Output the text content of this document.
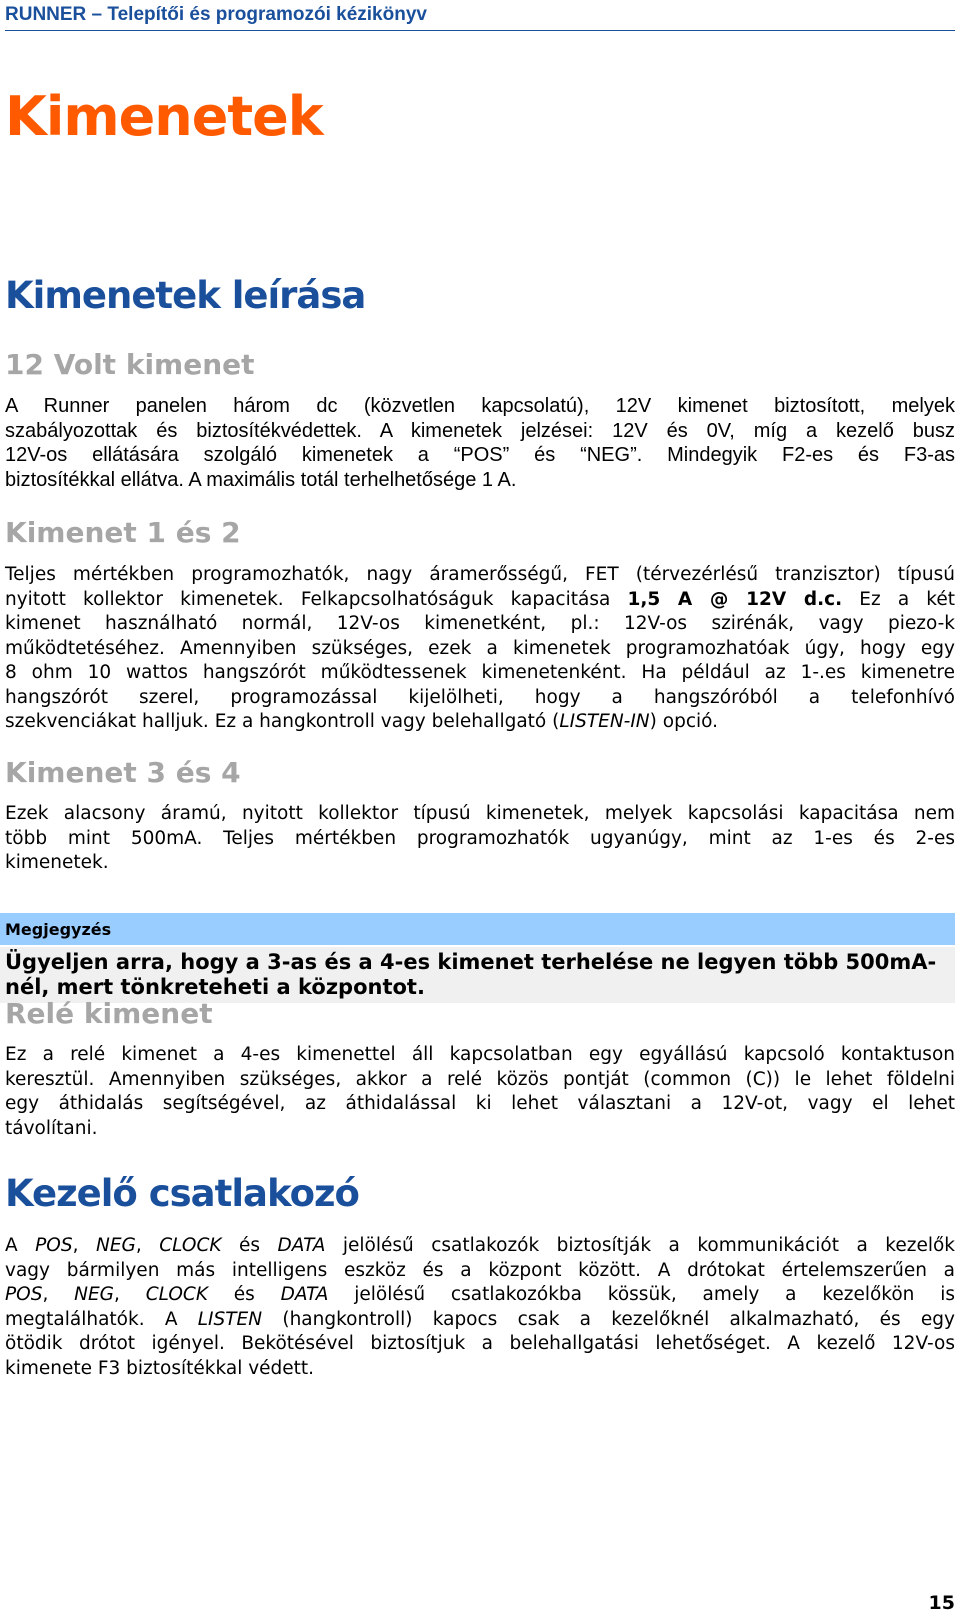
RUNNER – Telepítői és programozói kézikönyv
Kimenetek
Kimenetek leírása
12 Volt kimenet
A Runner panelen három dc (közvetlen kapcsolatú), 12V kimenet biztosított, melyek
szabályozottak és biztosítékvédettek. A kimenetek jelzései: 12V és 0V, míg a kezelő busz
12V-os ellátására szolgáló kimenetek a “POS” és “NEG”. Mindegyik F2-es és F3-as
biztosítékkal ellátva. A maximális totál terhelhetősége 1 A.
Kimenet 1 és 2
Teljes mértékben programozhatók, nagy áramerősségű, FET (térvezérlésű tranzisztor) típusú
nyitott kollektor kimenetek. Felkapcsolhatóságuk kapacitása 1,5 A @ 12V d.c. Ez a két
kimenet használható normál, 12V-os kimenetként, pl.: 12V-os szirénák, vagy piezo-k
működtetéséhez. Amennyiben szükséges, ezek a kimenetek programozhatóak úgy, hogy egy
8 ohm 10 wattos hangszórót működtessenek kimenetenként. Ha például az 1-.es kimenetre
hangszórót szerel, programozással kijelölheti, hogy a hangszóróból a telefonhívó
szekvenciákat halljuk. Ez a hangkontroll vagy belehallgató (LISTEN-IN) opció.
Kimenet 3 és 4
Ezek alacsony áramú, nyitott kollektor típusú kimenetek, melyek kapcsolási kapacitása nem
több mint 500mA. Teljes mértékben programozhatók ugyanúgy, mint az 1-es és 2-es
kimenetek.
Megjegyzés
Ügyeljen arra, hogy a 3-as és a 4-es kimenet terhelése ne legyen több 500mA-nél, mert tönkreteheti a központot.
Relé kimenet
Ez a relé kimenet a 4-es kimenettel áll kapcsolatban egy egyállású kapcsoló kontaktuson
keresztül. Amennyiben szükséges, akkor a relé közös pontját (common (C)) le lehet földelni
egy áthidalás segítségével, az áthidalással ki lehet választani a 12V-ot, vagy el lehet
távolítani.
Kezelő csatlakozó
A POS, NEG, CLOCK és DATA jelölésű csatlakozók biztosítják a kommunikációt a kezelők
vagy bármilyen más intelligens eszköz és a központ között. A drótokat értelemszerűen a
POS, NEG, CLOCK és DATA jelölésű csatlakozókba kössük, amely a kezelőkön is
megtalálhatók. A LISTEN (hangkontroll) kapocs csak a kezelőknél alkalmazható, és egy
ötödik drótot igényel. Bekötésével biztosítjuk a belehallgatási lehetőséget. A kezelő 12V-os
kimenete F3 biztosítékkal védett.
15
